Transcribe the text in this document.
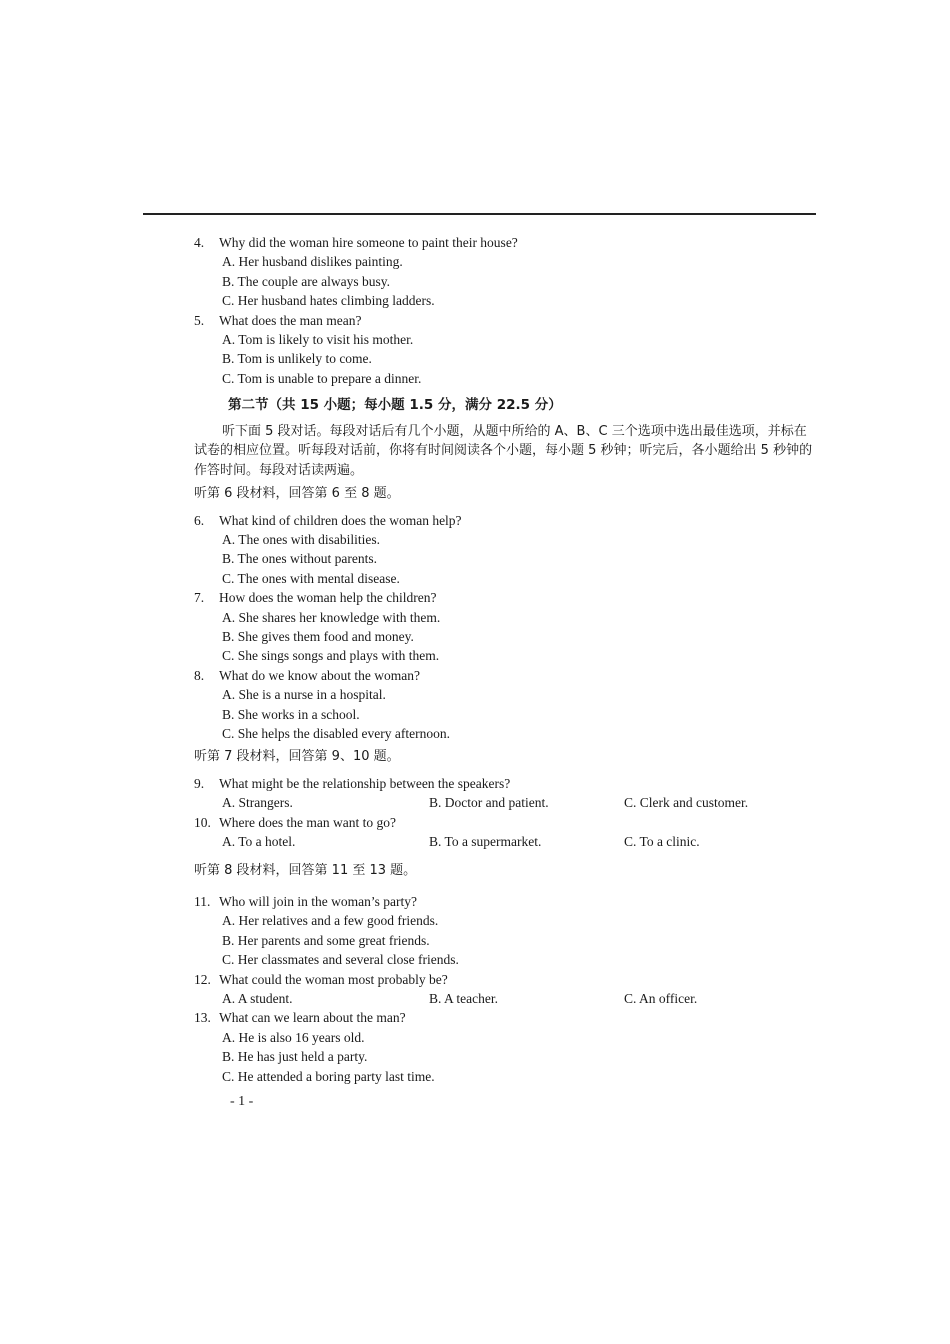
4. Why did the woman hire someone to paint their house?

A. Her husband dislikes painting.

B. The couple are always busy.

C. Her husband hates climbing ladders.

5. What does the man mean?

A. Tom is likely to visit his mother.

B. Tom is unlikely to come.

C. Tom is unable to prepare a dinner.

第二节（共 15 小题；每小题 1.5 分，满分 22.5 分）

听下面 5 段对话。每段对话后有几个小题，从题中所给的 A、B、C 三个选项中选出最佳选项，并标在试卷的相应位置。听每段对话前，你将有时间阅读各个小题，每小题 5 秒钟；听完后，各小题给出 5 秒钟的作答时间。每段对话读两遍。

听第 6 段材料，回答第 6 至 8 题。

6. What kind of children does the woman help?

A. The ones with disabilities.

B. The ones without parents.

C. The ones with mental disease.

7. How does the woman help the children?

A. She shares her knowledge with them.

B. She gives them food and money.

C. She sings songs and plays with them.

8. What do we know about the woman?

A. She is a nurse in a hospital.

B. She works in a school.

C. She helps the disabled every afternoon.

听第 7 段材料，回答第 9、10 题。

9. What might be the relationship between the speakers?

A. Strangers.	B. Doctor and patient.	C. Clerk and customer.

10. Where does the man want to go?

A. To a hotel.	B. To a supermarket.	C. To a clinic.

听第 8 段材料，回答第 11 至 13 题。

11. Who will join in the woman’s party?

A. Her relatives and a few good friends.

B. Her parents and some great friends.

C. Her classmates and several close friends.

12. What could the woman most probably be?

A. A student.	B. A teacher.	C. An officer.

13. What can we learn about the man?

A. He is also 16 years old.

B. He has just held a party.

C. He attended a boring party last time.

- 1 -
